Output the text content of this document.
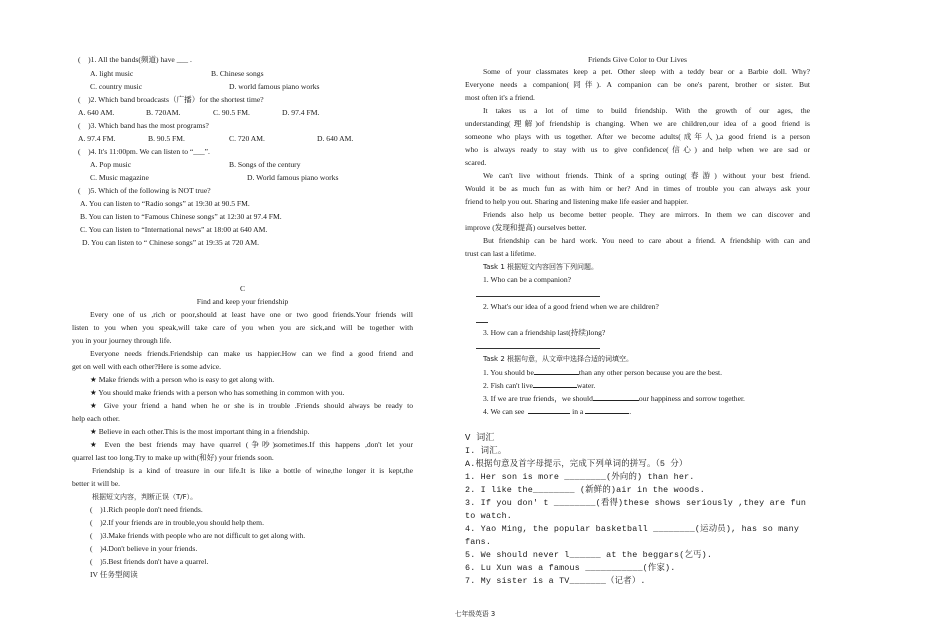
(　)1. All the bands(频道) have ___ .
A. light music	B. Chinese songs
C. country music	D. world famous piano works
(　)2. Which band broadcasts（广播）for the shortest time?
A. 640 AM.	B. 720AM.	C. 90.5 FM.	D. 97.4 FM.
(　)3. Which band has the most programs?
A. 97.4 FM.	B. 90.5 FM.	C. 720 AM.	D. 640 AM.
(　)4. It's 11:00pm. We can listen to “___”.
A. Pop music	B. Songs of the century
C. Music magazine	D. World famous piano works
(　)5. Which of the following is NOT true?
A. You can listen to “Radio songs” at 19:30 at 90.5 FM.
B. You can listen to “Famous Chinese songs” at 12:30 at 97.4 FM.
C. You can listen to “International news” at 18:00 at 640 AM.
D. You can listen to “ Chinese songs” at 19:35 at 720 AM.
C
Find and keep your friendship
Every one of us ,rich or poor,should at least have one or two good friends.Your friends will
listen to you when you speak,will take care of you when you are sick,and will be together with
you in your journey through life.
Everyone needs friends.Friendship can make us happier.How can we find a good friend and
get on well with each other?Here is some advice.
★ Make friends with a person who is easy to get along with.
★ You should make friends with a person who has something in common with you.
★ Give your friend a hand when he or she is in trouble .Friends should always be ready to
help each other.
★ Believe in each other.This is the most important thing in a friendship.
★ Even the best friends may have quarrel (争吵)sometimes.If this happens ,don't let your
quarrel last too long.Try to make up with(和好) your friends soon.
Friendship is a kind of treasure in our life.It is like a bottle of wine,the longer it is kept,the
better it will be.
根据短文内容，判断正误（T/F）。
(　)1.Rich people don't need friends.
(　)2.If your friends are in trouble,you should help them.
(　)3.Make friends with people who are not difficult to get along with.
(　)4.Don't believe in your friends.
(　)5.Best friends don't have a quarrel.
IV 任务型阅读
Friends Give Color to Our Lives
Some of your classmates keep a pet. Other sleep with a teddy bear or a Barbie doll. Why?
Everyone needs a companion(同伴). A companion can be one's parent, brother or sister. But
most often it's a friend.
It takes us a lot of time to build friendship. With the growth of our ages, the
understanding(理解)of friendship is changing. When we are children,our idea of a good friend is
someone who plays with us together. After we become adults(成年人),a good friend is a person
who is always ready to stay with us to give confidence(信心) and help when we are sad or
scared.
We can't live without friends. Think of a spring outing(春游) without your best friend.
Would it be as much fun as with him or her? And in times of trouble you can always ask your
friend to help you out. Sharing and listening make life easier and happier.
Friends also help us become better people. They are mirrors. In them we can discover and
improve (发现和提高) ourselves better.
But friendship can be hard work. You need to care about a friend. A friendship with can and
trust can last a lifetime.
Task 1 根据短文内容回答下列问题。
1. Who can be a companion?
2. What's our idea of a good friend when we are children?
3. How can a friendship last(持续)long?
Task 2 根据句意，从文章中选择合适的词填空。
1. You should be	than any other person because you are the best.
2. Fish can't live	water.
3. If we are true friends，we should	our happiness and sorrow together.
4. We can see	in a	.
V 词汇
I. 词汇。
A.根据句意及首字母提示，完成下列单词的拼写。（5 分）
1. Her son is more ________(外向的) than her.
2. I like the________ (新鲜的)air in the woods.
3. If you don' t ________(看得)these shows seriously ,they are fun
to watch.
4. Yao Ming, the popular basketball ________(运动员), has so many
fans.
5. We should never l______ at the beggars(乞丐).
6. Lu Xun was a famous ___________(作家).
7. My sister is a TV_______（记者）.
七年级英语 3
